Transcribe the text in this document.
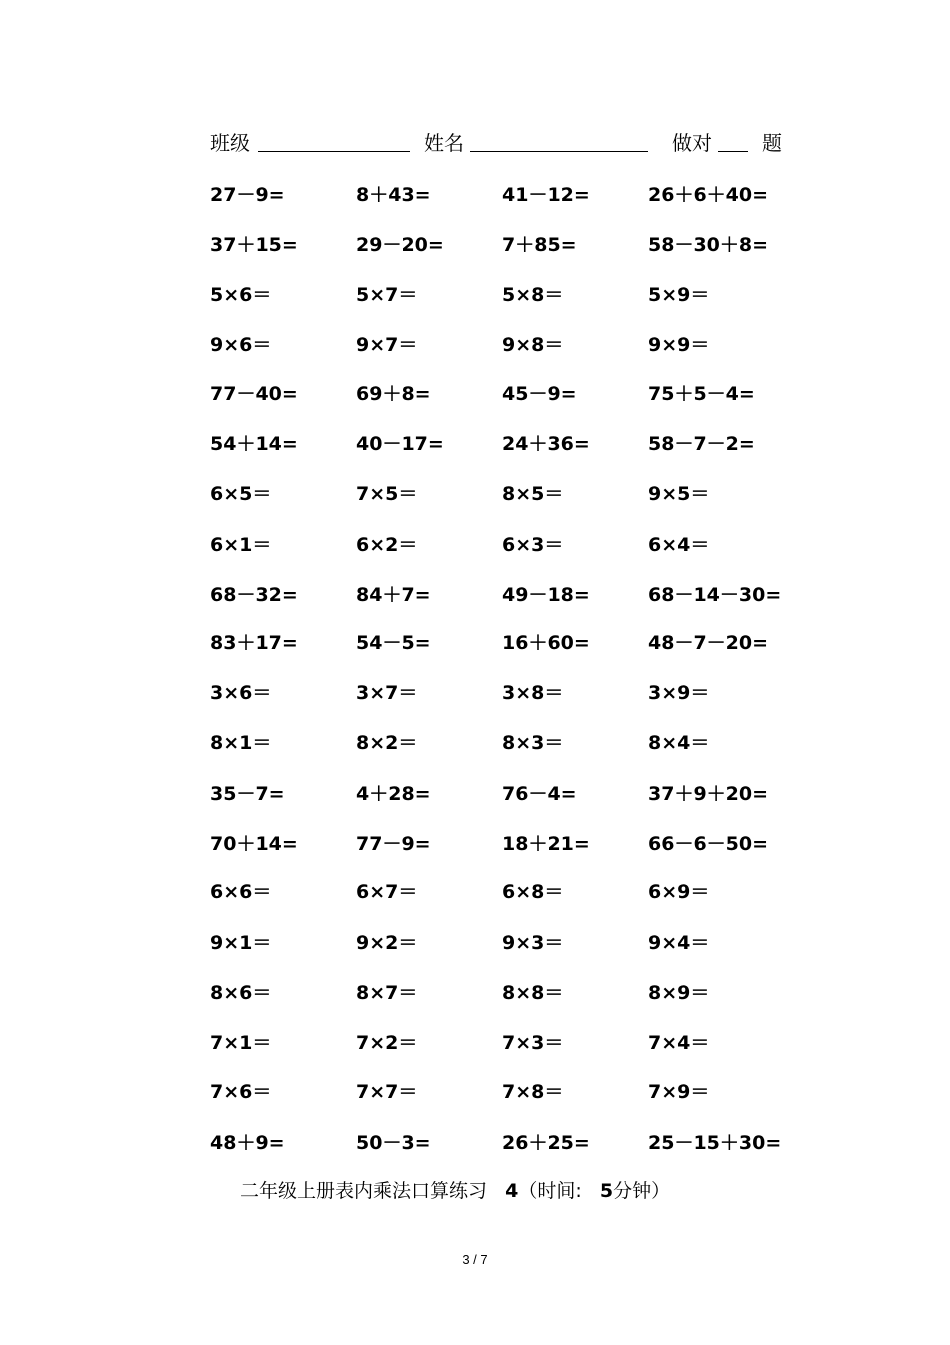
班级	姓名	做对	题
27－9=	8＋43=	41－12=	26＋6＋40=
37＋15=	29－20=	7＋85=	58－30＋8=
5×6＝	5×7＝	5×8＝	5×9＝
9×6＝	9×7＝	9×8＝	9×9＝
77－40=	69＋8=	45－9=	75＋5－4=
54＋14=	40－17=	24＋36=	58－7－2=
6×5＝	7×5＝	8×5＝	9×5＝
6×1＝	6×2＝	6×3＝	6×4＝
68－32=	84＋7=	49－18=	68－14－30=
83＋17=	54－5=	16＋60=	48－7－20=
3×6＝	3×7＝	3×8＝	3×9＝
8×1＝	8×2＝	8×3＝	8×4＝
35－7=	4＋28=	76－4=	37＋9＋20=
70＋14=	77－9=	18＋21=	66－6－50=
6×6＝	6×7＝	6×8＝	6×9＝
9×1＝	9×2＝	9×3＝	9×4＝
8×6＝	8×7＝	8×8＝	8×9＝
7×1＝	7×2＝	7×3＝	7×4＝
7×6＝	7×7＝	7×8＝	7×9＝
48＋9=	50－3=	26＋25=	25－15＋30=
二年级上册表内乘法口算练习 4（时间: 5分钟）
3 / 7
